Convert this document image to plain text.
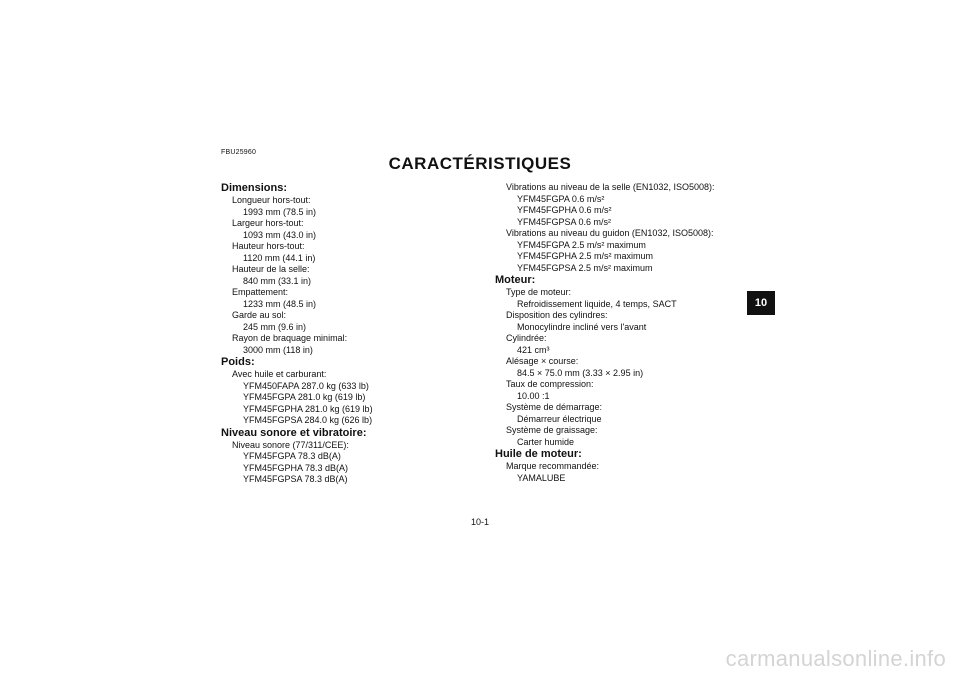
FBU25960
CARACTÉRISTIQUES
Dimensions:
Longueur hors-tout:
1993 mm (78.5 in)
Largeur hors-tout:
1093 mm (43.0 in)
Hauteur hors-tout:
1120 mm (44.1 in)
Hauteur de la selle:
840 mm (33.1 in)
Empattement:
1233 mm (48.5 in)
Garde au sol:
245 mm (9.6 in)
Rayon de braquage minimal:
3000 mm (118 in)
Poids:
Avec huile et carburant:
YFM450FAPA 287.0 kg (633 lb)
YFM45FGPA 281.0 kg (619 lb)
YFM45FGPHA 281.0 kg (619 lb)
YFM45FGPSA 284.0 kg (626 lb)
Niveau sonore et vibratoire:
Niveau sonore (77/311/CEE):
YFM45FGPA 78.3 dB(A)
YFM45FGPHA 78.3 dB(A)
YFM45FGPSA 78.3 dB(A)
Vibrations au niveau de la selle (EN1032, ISO5008):
YFM45FGPA 0.6 m/s²
YFM45FGPHA 0.6 m/s²
YFM45FGPSA 0.6 m/s²
Vibrations au niveau du guidon (EN1032, ISO5008):
YFM45FGPA 2.5 m/s² maximum
YFM45FGPHA 2.5 m/s² maximum
YFM45FGPSA 2.5 m/s² maximum
Moteur:
Type de moteur:
Refroidissement liquide, 4 temps, SACT
Disposition des cylindres:
Monocylindre incliné vers l'avant
Cylindrée:
421 cm³
Alésage × course:
84.5 × 75.0 mm (3.33 × 2.95 in)
Taux de compression:
10.00 :1
Système de démarrage:
Démarreur électrique
Système de graissage:
Carter humide
Huile de moteur:
Marque recommandée:
YAMALUBE
10-1
10
carmanualsonline.info
